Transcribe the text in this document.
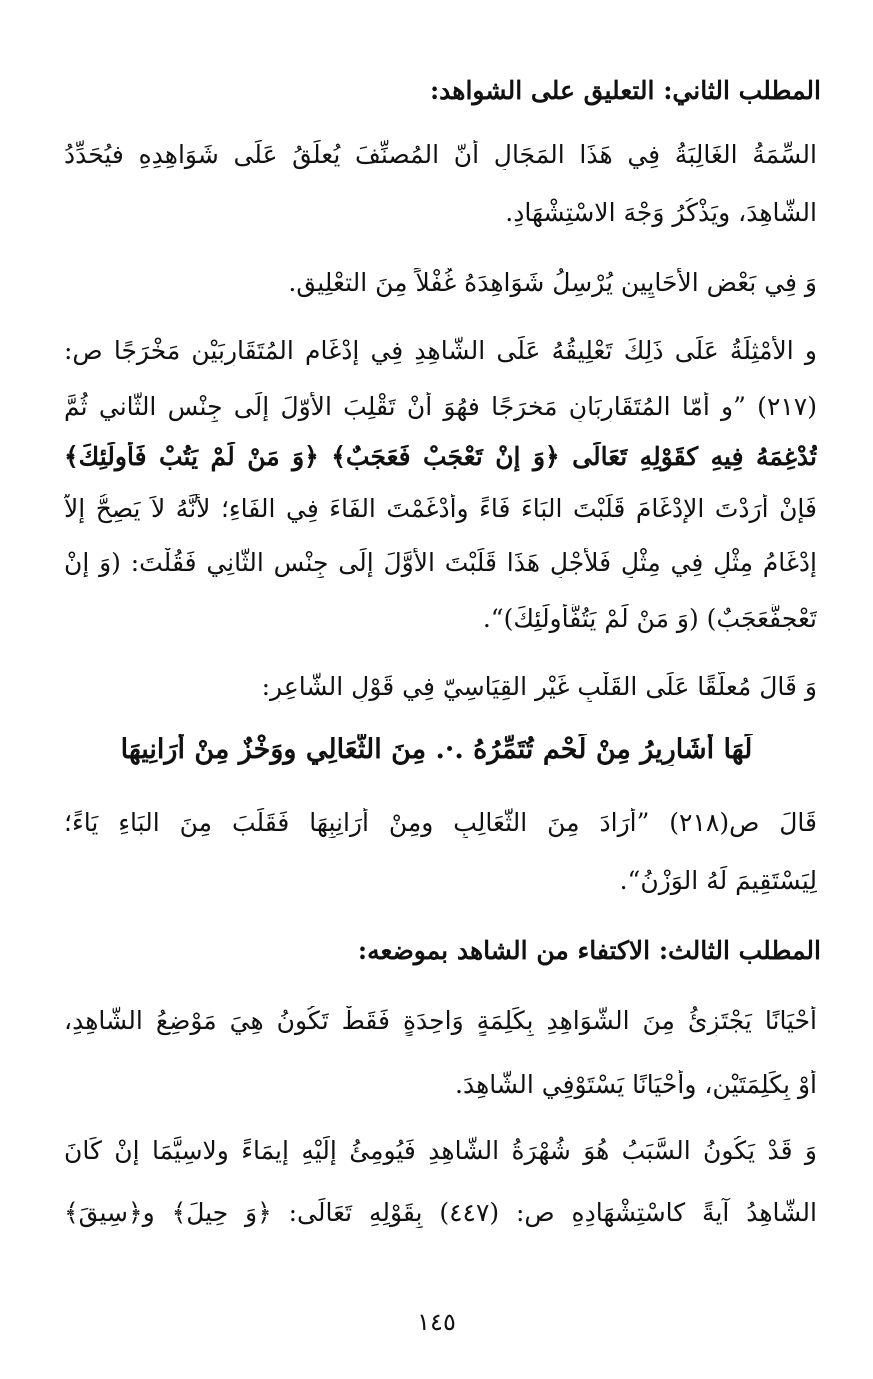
المطلب الثاني: التعليق على الشواهد:
السِّمَةُ الغَالِبَةُ فِي هَذَا المَجَالِ أنّ المُصنِّفَ يُعلِّقُ عَلَى شَوَاهِدِهِ فيُحَدِّدُ
الشَّاهِدَ، ويَذْكُرُ وَجْهَ الاسْتِشْهَادِ.
وَ فِي بَعْضِ الأَحَايِينِ يُرْسِلُ شَوَاهِدَهُ غُفْلاً مِنَ التعْلِيقِ.
و الأَمْثِلَةُ عَلَى ذَلِكَ تَعْلِيقُهُ عَلَى الشَّاهِدِ فِي إِدْغَامِ المُتَقَارِبَيْنِ مَخْرَجًا ص:
(٢١٧) ”و أمّا المُتَقَارِبَانِ مَخرَجًا فهُوَ أنْ تَقْلِبَ الأوّلَ إلَى جِنْسِ الثّاني ثُمَّ
تُدْغِمَهُ فِيهِ كقَوْلِهِ تَعَالَى ﴿وَ إنْ تَعْجَبْ فَعَجَبٌ﴾ ﴿وَ مَنْ لَمْ يَتُبْ فَأُولَئِكَ﴾
فَإِنْ أَرَدْتَ الإِدْغَامَ قَلَبْتَ البَاءَ فَاءً وأَدْغَمْتَ الفَاءَ فِي الفَاءِ؛ لأَنَّهُ لاَ يَصِحُّ إلاّ
إِدْغَامُ مِثْلٍ فِي مِثْلٍ فَلأجْلِ هَذَا قَلَبْتَ الأَوَّلَ إِلَى جِنْسِ الثَّانِي فَقُلْتَ: (وَ إِنْ
تَعْجفَّعَجَبٌ) (وَ مَنْ لَمْ يَتُفَّأُولَئِكَ)“.
وَ قَالَ مُعلّقًا عَلَى القَلْبِ غَيْرِ القِيَاسِيّ فِي قَوْلِ الشَّاعِرِ:
لَهَا أشَارِيرُ مِنْ لَحْمٍ تُتَمِّرُهُ .·. مِنَ الثَّعَالِي ووَخْزٌ مِنْ أَرَانِيهَا
قَالَ ص(٢١٨) ”أرَادَ مِنَ الثَّعَالِبِ ومِنْ أَرَانِبِهَا فَقَلَبَ مِنَ البَاءِ يَاءً؛
لِيَسْتَقِيمَ لَهُ الوَزْنُ“.
المطلب الثالث: الاكتفاء من الشاهد بموضعه:
أَحْيَانًا يَجْتَزِئُ مِنَ الشَّوَاهِدِ بِكَلِمَةٍ وَاحِدَةٍ فَقَطْ تَكُونُ هِيَ مَوْضِعُ الشَّاهِدِ،
أَوْ بِكَلِمَتَيْنِ، وأَحْيَانًا يَسْتَوْفِي الشَّاهِدَ.
وَ قَدْ يَكُونُ السَّبَبُ هُوَ شُهْرَةُ الشَّاهِدِ فَيُومِئُ إِلَيْهِ إِيمَاءً ولاسِيَّمَا إِنْ كَانَ
الشَّاهِدُ آيةً كاسْتِشْهَادِهِ ص: (٤٤٧) بِقَوْلِهِ تَعَالَى: ﴿وَ حِيلَ﴾ و﴿سِيقَ﴾
١٤٥
